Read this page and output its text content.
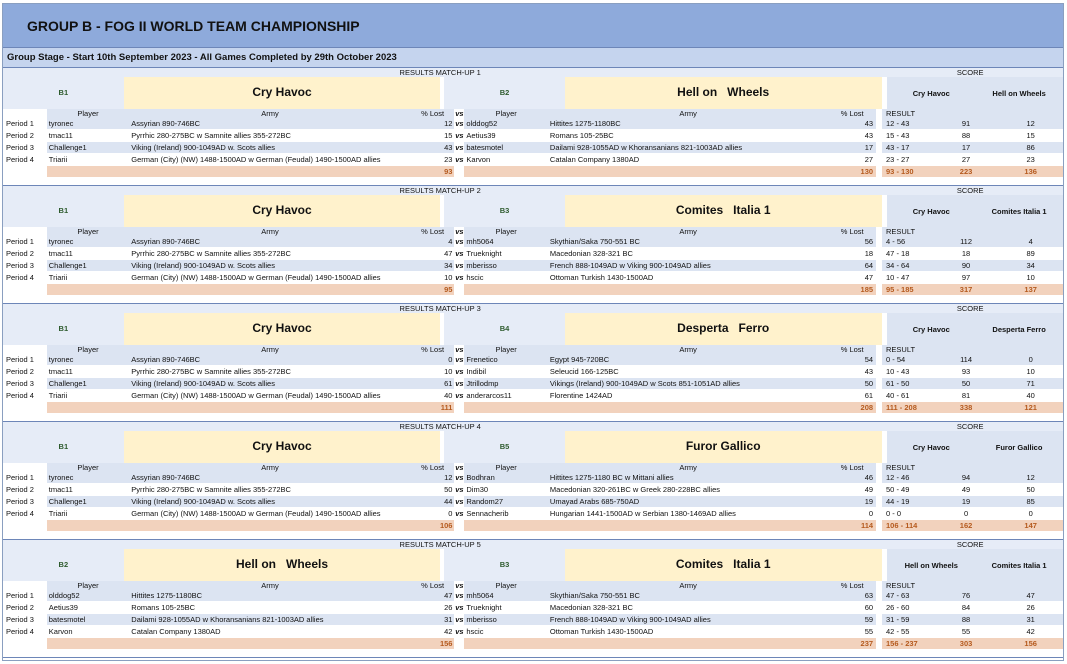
GROUP B - FOG II WORLD TEAM CHAMPIONSHIP
Group Stage - Start 10th September 2023 - All Games Completed by 29th October 2023
RESULTS MATCH-UP 1	SCORE
B1	Cry Havoc	B2	Hell on   Wheels	Cry Havoc	Hell on Wheels
Player	Army	% Lost	vs	Player	Army	% Lost	RESULT
Period 1	tyronec	Assyrian 890-746BC	12 vs olddog52	Hittites 1275-1180BC	43	12 - 43	91	12
Period 2	tmac11	Pyrrhic 280-275BC w Samnite allies 355-272BC	15 vs Aetius39	Romans 105-25BC	43	15 - 43	88	15
Period 3	Challenge1	Viking (Ireland) 900-1049AD w. Scots allies	43 vs batesmotel	Dailami 928-1055AD w Khoransanians 821-1003AD allies	17	43 - 17	17	86
Period 4	Triarii	German (City) (NW) 1488-1500AD w German (Feudal) 1490-1500AD allies	23 vs Karvon	Catalan Company 1380AD	27	23 - 27	27	23
93	130	93 - 130	223	136
RESULTS MATCH-UP 2	SCORE
B1	Cry Havoc	B3	Comites   Italia 1	Cry Havoc	Comites Italia 1
Player	Army	% Lost	vs	Player	Army	% Lost	RESULT
Period 1	tyronec	Assyrian 890-746BC	4 vs mh5064	Skythian/Saka 750-551 BC	56	4 - 56	112	4
Period 2	tmac11	Pyrrhic 280-275BC w Samnite allies 355-272BC	47 vs Trueknight	Macedonian 328-321 BC	18	47 - 18	18	89
Period 3	Challenge1	Viking (Ireland) 900-1049AD w. Scots allies	34 vs mberisso	French 888-1049AD w Viking 900-1049AD allies	64	34 - 64	90	34
Period 4	Triarii	German (City) (NW) 1488-1500AD w German (Feudal) 1490-1500AD allies	10 vs hscic	Ottoman Turkish 1430-1500AD	47	10 - 47	97	10
95	185	95 - 185	317	137
RESULTS MATCH-UP 3	SCORE
B1	Cry Havoc	B4	Desperta   Ferro	Cry Havoc	Desperta Ferro
Player	Army	% Lost	vs	Player	Army	% Lost	RESULT
Period 1	tyronec	Assyrian 890-746BC	0 vs Frenetico	Egypt 945-720BC	54	0 - 54	114	0
Period 2	tmac11	Pyrrhic 280-275BC w Samnite allies 355-272BC	10 vs Indibil	Seleucid 166-125BC	43	10 - 43	93	10
Period 3	Challenge1	Viking (Ireland) 900-1049AD w. Scots allies	61 vs Jtrillodmp	Vikings (Ireland) 900-1049AD w Scots 851-1051AD allies	50	61 - 50	50	71
Period 4	Triarii	German (City) (NW) 1488-1500AD w German (Feudal) 1490-1500AD allies	40 vs anderarcos11	Florentine 1424AD	61	40 - 61	81	40
111	208	111 - 208	338	121
RESULTS MATCH-UP 4	SCORE
B1	Cry Havoc	B5	Furor Gallico	Cry Havoc	Furor Gallico
Player	Army	% Lost	vs	Player	Army	% Lost	RESULT
Period 1	tyronec	Assyrian 890-746BC	12 vs Bodhran	Hittites 1275-1180 BC w Mittani allies	46	12 - 46	94	12
Period 2	tmac11	Pyrrhic 280-275BC w Samnite allies 355-272BC	50 vs Dim30	Macedonian 320-261BC w Greek 280-228BC allies	49	50 - 49	49	50
Period 3	Challenge1	Viking (Ireland) 900-1049AD w. Scots allies	44 vs Random27	Umayad Arabs 685-750AD	19	44 - 19	19	85
Period 4	Triarii	German (City) (NW) 1488-1500AD w German (Feudal) 1490-1500AD allies	0 vs Sennacherib	Hungarian 1441-1500AD w Serbian 1380-1469AD allies	0	0 - 0	0	0
106	114	106 - 114	162	147
RESULTS MATCH-UP 5	SCORE
B2	Hell on   Wheels	B3	Comites   Italia 1	Hell on Wheels	Comites Italia 1
Player	Army	% Lost	vs	Player	Army	% Lost	RESULT
Period 1	olddog52	Hittites 1275-1180BC	47 vs mh5064	Skythian/Saka 750-551 BC	63	47 - 63	76	47
Period 2	Aetius39	Romans 105-25BC	26 vs Trueknight	Macedonian 328-321 BC	60	26 - 60	84	26
Period 3	batesmotel	Dailami 928-1055AD w Khoransanians 821-1003AD allies	31 vs mberisso	French 888-1049AD w Viking 900-1049AD allies	59	31 - 59	88	31
Period 4	Karvon	Catalan Company 1380AD	42 vs hscic	Ottoman Turkish 1430-1500AD	55	42 - 55	55	42
156	237	156 - 237	303	156
